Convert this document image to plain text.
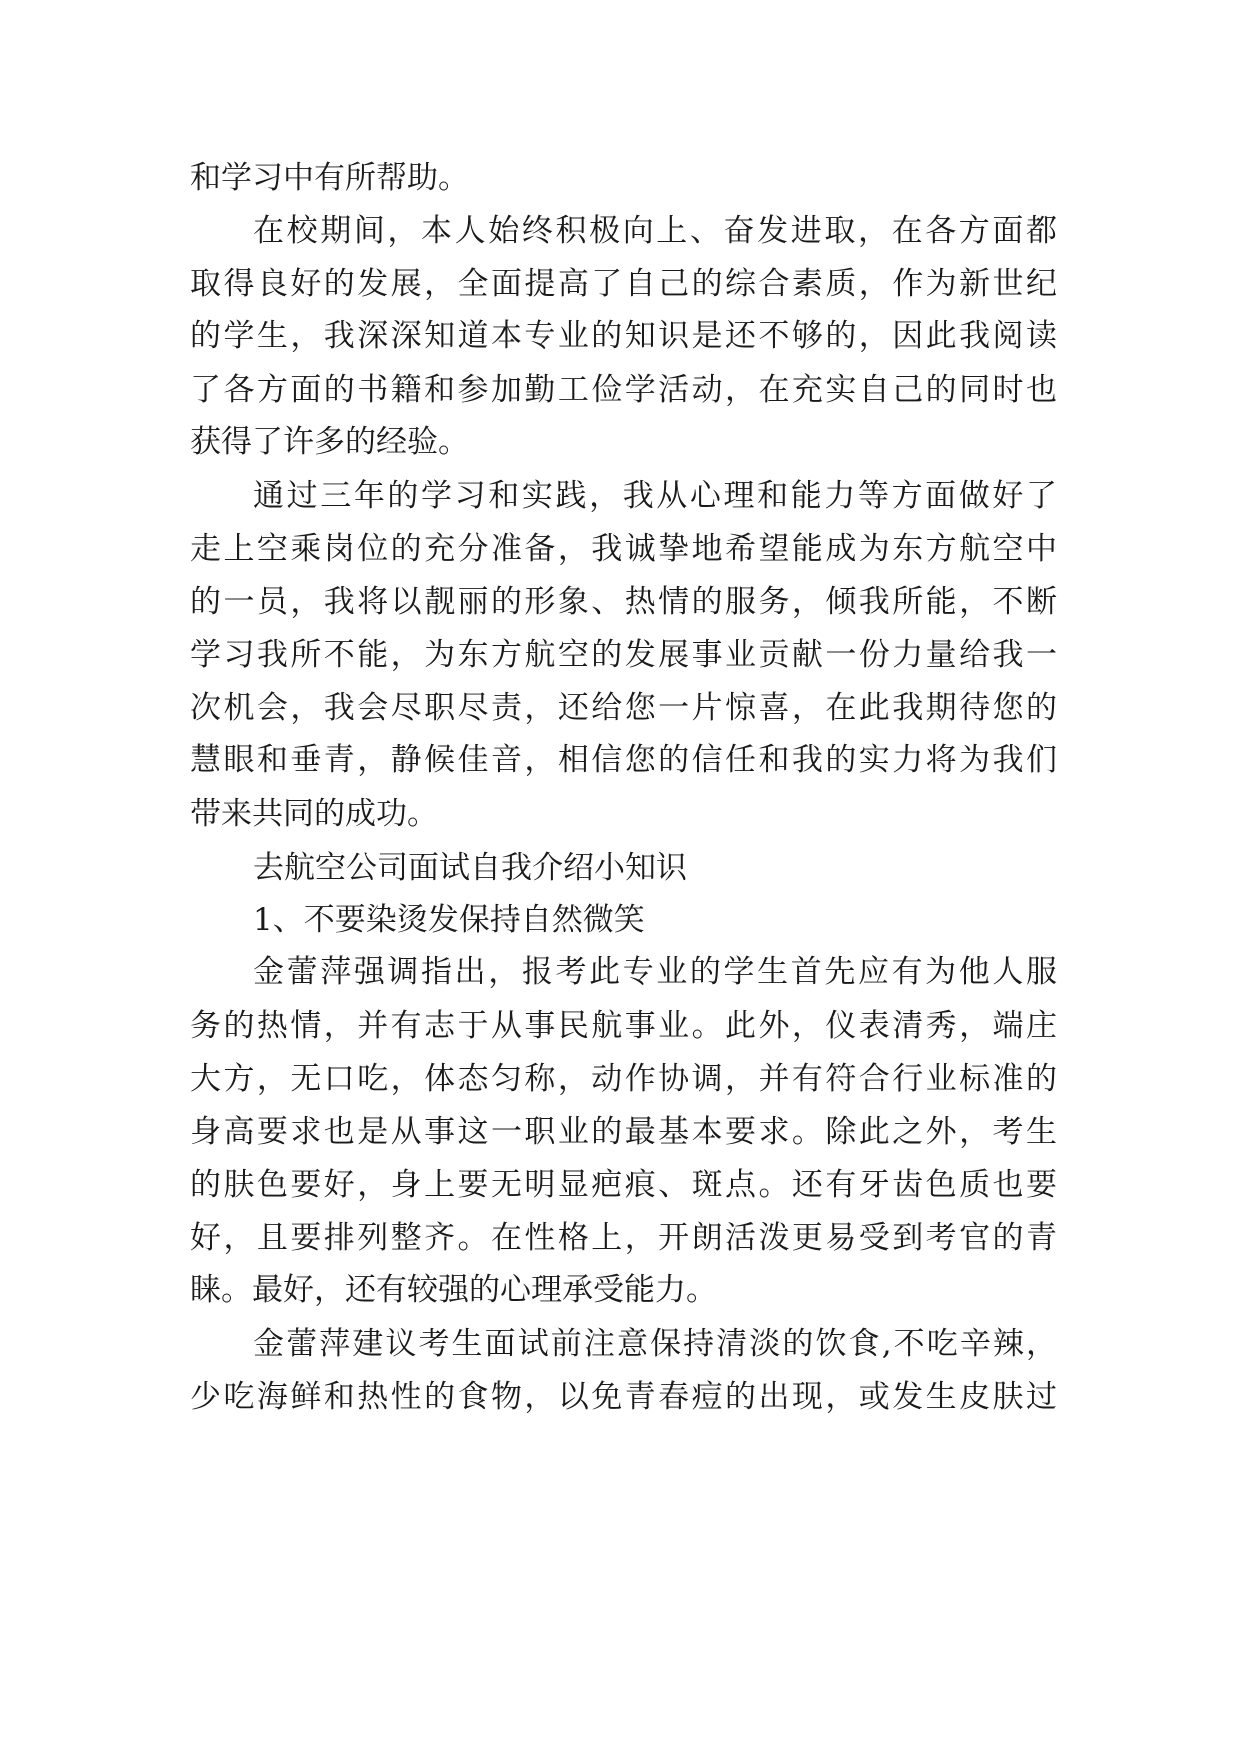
和学习中有所帮助。
在校期间，本人始终积极向上、奋发进取，在各方面都
取得良好的发展，全面提高了自己的综合素质，作为新世纪
的学生，我深深知道本专业的知识是还不够的，因此我阅读
了各方面的书籍和参加勤工俭学活动，在充实自己的同时也
获得了许多的经验。
通过三年的学习和实践，我从心理和能力等方面做好了
走上空乘岗位的充分准备，我诚挚地希望能成为东方航空中
的一员，我将以靓丽的形象、热情的服务，倾我所能，不断
学习我所不能，为东方航空的发展事业贡献一份力量给我一
次机会，我会尽职尽责，还给您一片惊喜，在此我期待您的
慧眼和垂青，静候佳音，相信您的信任和我的实力将为我们
带来共同的成功。
去航空公司面试自我介绍小知识
1、不要染烫发保持自然微笑
金蕾萍强调指出，报考此专业的学生首先应有为他人服
务的热情，并有志于从事民航事业。此外，仪表清秀，端庄
大方，无口吃，体态匀称，动作协调，并有符合行业标准的
身高要求也是从事这一职业的最基本要求。除此之外，考生
的肤色要好，身上要无明显疤痕、斑点。还有牙齿色质也要
好，且要排列整齐。在性格上，开朗活泼更易受到考官的青
睐。最好，还有较强的心理承受能力。
金蕾萍建议考生面试前注意保持清淡的饮食,不吃辛辣，
少吃海鲜和热性的食物，以免青春痘的出现，或发生皮肤过
